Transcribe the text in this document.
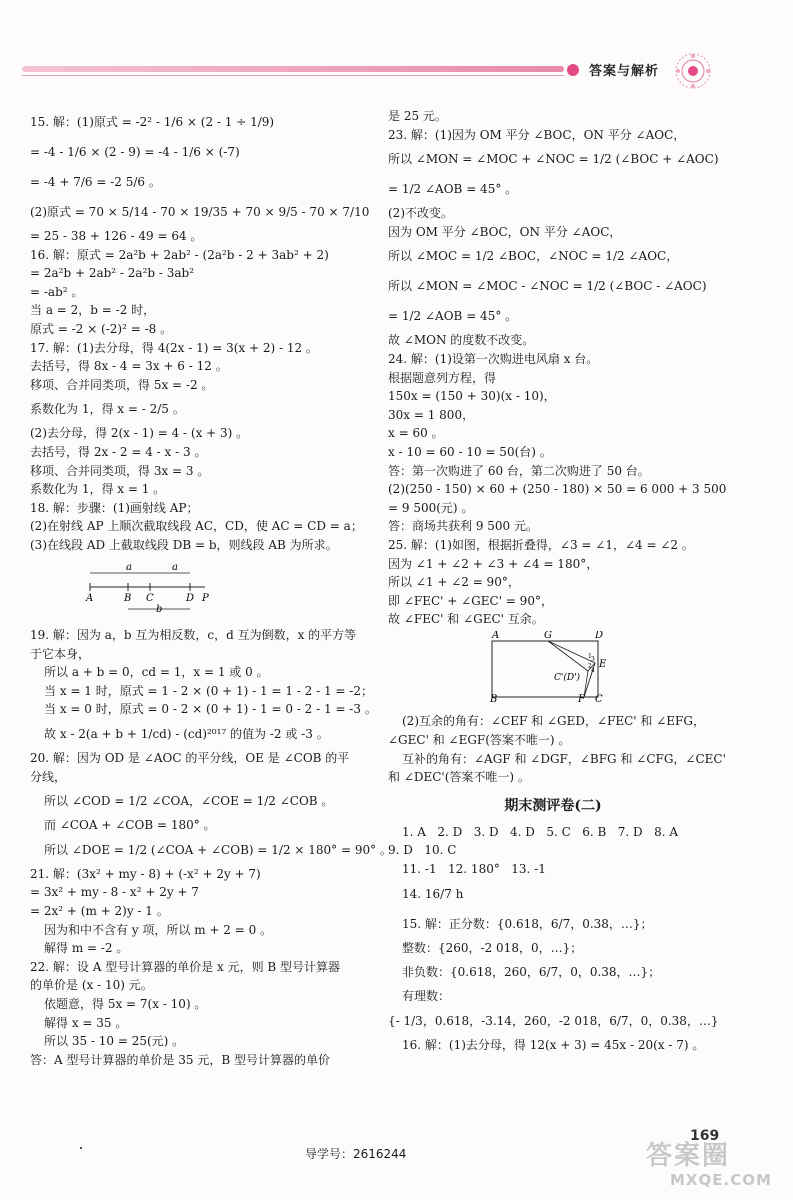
答案与解析
15. 解：(1)原式 = -2² - 1/6 × (2 - 1 ÷ 1/9)
= -4 - 1/6 × (2 - 9) = -4 - 1/6 × (-7)
= -4 + 7/6 = -2 5/6 。
(2)原式 = 70 × 5/14 - 70 × 19/35 + 70 × 9/5 - 70 × 7/10
= 25 - 38 + 126 - 49 = 64 。
16. 解：原式 = 2a²b + 2ab² - (2a²b - 2 + 3ab² + 2)
= 2a²b + 2ab² - 2a²b - 3ab²
= -ab² 。
当 a = 2，b = -2 时，
原式 = -2 × (-2)² = -8 。
17. 解：(1)去分母，得 4(2x - 1) = 3(x + 2) - 12 。
去括号，得 8x - 4 = 3x + 6 - 12 。
移项、合并同类项，得 5x = -2 。
系数化为 1，得 x = - 2/5 。
(2)去分母，得 2(x - 1) = 4 - (x + 3) 。
去括号，得 2x - 2 = 4 - x - 3 。
移项、合并同类项，得 3x = 3 。
系数化为 1，得 x = 1 。
18. 解：步骤：(1)画射线 AP；
(2)在射线 AP 上顺次截取线段 AC，CD，使 AC = CD = a；
(3)在线段 AD 上截取线段 DB = b，则线段 AB 为所求。
a	a
A	B C	D P
b
19. 解：因为 a，b 互为相反数，c，d 互为倒数，x 的平方等
于它本身，
所以 a + b = 0，cd = 1，x = 1 或 0 。
当 x = 1 时，原式 = 1 - 2 × (0 + 1) - 1 = 1 - 2 - 1 = -2；
当 x = 0 时，原式 = 0 - 2 × (0 + 1) - 1 = 0 - 2 - 1 = -3 。
故 x - 2(a + b + 1/cd) - (cd)²⁰¹⁷ 的值为 -2 或 -3 。
20. 解：因为 OD 是 ∠AOC 的平分线，OE 是 ∠COB 的平
分线，
所以 ∠COD = 1/2 ∠COA，∠COE = 1/2 ∠COB 。
而 ∠COA + ∠COB = 180° 。
所以 ∠DOE = 1/2 (∠COA + ∠COB) = 1/2 × 180° = 90° 。
21. 解：(3x² + my - 8) + (-x² + 2y + 7)
= 3x² + my - 8 - x² + 2y + 7
= 2x² + (m + 2)y - 1 。
因为和中不含有 y 项，所以 m + 2 = 0 。
解得 m = -2 。
22. 解：设 A 型号计算器的单价是 x 元，则 B 型号计算器
的单价是 (x - 10) 元。
依题意，得 5x = 7(x - 10) 。
解得 x = 35 。
所以 35 - 10 = 25(元) 。
答：A 型号计算器的单价是 35 元，B 型号计算器的单价
是 25 元。
23. 解：(1)因为 OM 平分 ∠BOC，ON 平分 ∠AOC，
所以 ∠MON = ∠MOC + ∠NOC = 1/2 (∠BOC + ∠AOC)
= 1/2 ∠AOB = 45° 。
(2)不改变。
因为 OM 平分 ∠BOC，ON 平分 ∠AOC，
所以 ∠MOC = 1/2 ∠BOC，∠NOC = 1/2 ∠AOC，
所以 ∠MON = ∠MOC - ∠NOC = 1/2 (∠BOC - ∠AOC)
= 1/2 ∠AOB = 45° 。
故 ∠MON 的度数不改变。
24. 解：(1)设第一次购进电风扇 x 台。
根据题意列方程，得
150x = (150 + 30)(x - 10)，
30x = 1 800，
x = 60 。
x - 10 = 60 - 10 = 50(台) 。
答：第一次购进了 60 台，第二次购进了 50 台。
(2)(250 - 150) × 60 + (250 - 180) × 50 = 6 000 + 3 500
= 9 500(元) 。
答：商场共获利 9 500 元。
25. 解：(1)如图，根据折叠得，∠3 = ∠1，∠4 = ∠2 。
因为 ∠1 + ∠2 + ∠3 + ∠4 = 180°，
所以 ∠1 + ∠2 = 90°，
即 ∠FEC' + ∠GEC' = 90°，
故 ∠FEC' 和 ∠GEC' 互余。
A	G	D
E
C'(D')
B	F C
1
2
3
4
(2)互余的角有：∠CEF 和 ∠GED，∠FEC' 和 ∠EFG，
∠GEC' 和 ∠EGF(答案不唯一) 。
互补的角有：∠AGF 和 ∠DGF，∠BFG 和 ∠CFG，∠CEC'
和 ∠DEC'(答案不唯一) 。
期末测评卷(二)
1. A   2. D   3. D   4. D   5. C   6. B   7. D   8. A
9. D   10. C
11. -1   12. 180°   13. -1
14. 16/7 h
15. 解：正分数：{0.618，6/7，0.38，…}；
整数：{260，-2 018，0，…}；
非负数：{0.618，260，6/7，0，0.38，…}；
有理数：
{- 1/3，0.618，-3.14，260，-2 018，6/7，0，0.38，…}
16. 解：(1)去分母，得 12(x + 3) = 45x - 20(x - 7) 。
导学号：2616244
169
答案圈
MXQE.COM
